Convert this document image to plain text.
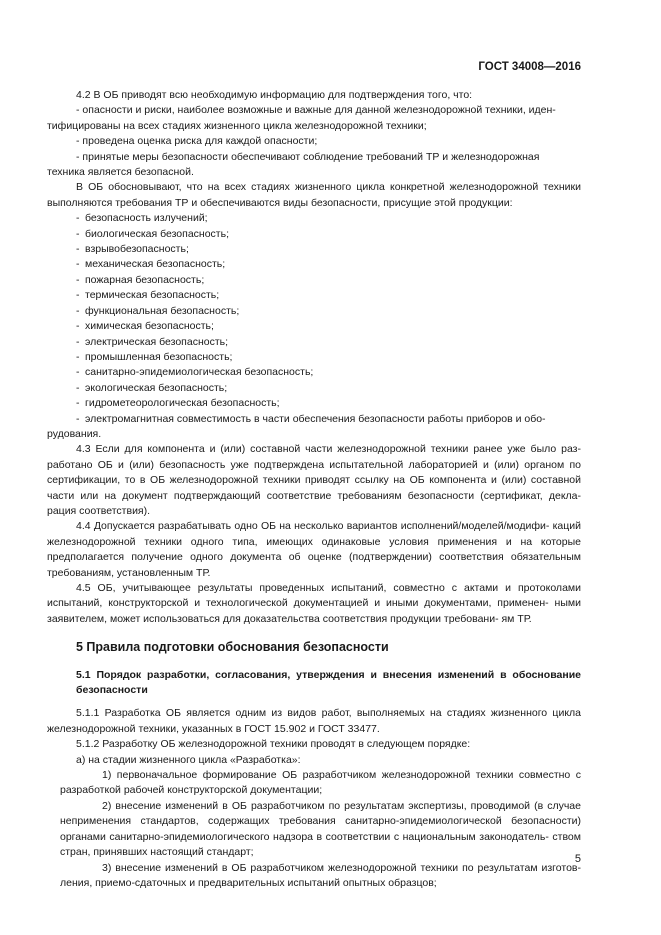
ГОСТ 34008—2016

4.2 В ОБ приводят всю необходимую информацию для подтверждения того, что:

- опасности и риски, наиболее возможные и важные для данной железнодорожной техники, иден-

тифицированы на всех стадиях жизненного цикла железнодорожной техники;

- проведена оценка риска для каждой опасности;

- принятые меры безопасности обеспечивают соблюдение требований ТР и железнодорожная

техника является безопасной.

В ОБ обосновывают, что на всех стадиях жизненного цикла конкретной железнодорожной техники выполняются требования ТР и обеспечиваются виды безопасности, присущие этой продукции:

- безопасность излучений;

- биологическая безопасность;

- взрывобезопасность;

- механическая безопасность;

- пожарная безопасность;

- термическая безопасность;

- функциональная безопасность;

- химическая безопасность;

- электрическая безопасность;

- промышленная безопасность;

- санитарно-эпидемиологическая безопасность;

- экологическая безопасность;

- гидрометеорологическая безопасность;

- электромагнитная совместимость в части обеспечения безопасности работы приборов и обо-

рудования.

4.3 Если для компонента и (или) составной части железнодорожной техники ранее уже было раз- работано ОБ и (или) безопасность уже подтверждена испытательной лабораторией и (или) органом по сертификации, то в ОБ железнодорожной техники приводят ссылку на ОБ компонента и (или) составной части или на документ подтверждающий соответствие требованиям безопасности (сертификат, декла- рация соответствия).

4.4 Допускается разрабатывать одно ОБ на несколько вариантов исполнений/моделей/модифи- каций железнодорожной техники одного типа, имеющих одинаковые условия применения и на которые предполагается получение одного документа об оценке (подтверждении) соответствия обязательным требованиям, установленным ТР.

4.5 ОБ, учитывающее результаты проведенных испытаний, совместно с актами и протоколами испытаний, конструкторской и технологической документацией и иными документами, применен- ными заявителем, может использоваться для доказательства соответствия продукции требовани- ям ТР.

5 Правила подготовки обоснования безопасности

5.1 Порядок разработки, согласования, утверждения и внесения изменений в обоснование безопасности

5.1.1 Разработка ОБ является одним из видов работ, выполняемых на стадиях жизненного цикла железнодорожной техники, указанных в ГОСТ 15.902 и ГОСТ 33477.

5.1.2 Разработку ОБ железнодорожной техники проводят в следующем порядке:

а) на стадии жизненного цикла «Разработка»:

1) первоначальное формирование ОБ разработчиком железнодорожной техники совместно с разработкой рабочей конструкторской документации;

2) внесение изменений в ОБ разработчиком по результатам экспертизы, проводимой (в случае неприменения стандартов, содержащих требования санитарно-эпидемиологической безопасности) органами санитарно-эпидемиологического надзора в соответствии с национальным законодатель- ством стран, принявших настоящий стандарт;

3) внесение изменений в ОБ разработчиком железнодорожной техники по результатам изготов- ления, приемо-сдаточных и предварительных испытаний опытных образцов;

5
